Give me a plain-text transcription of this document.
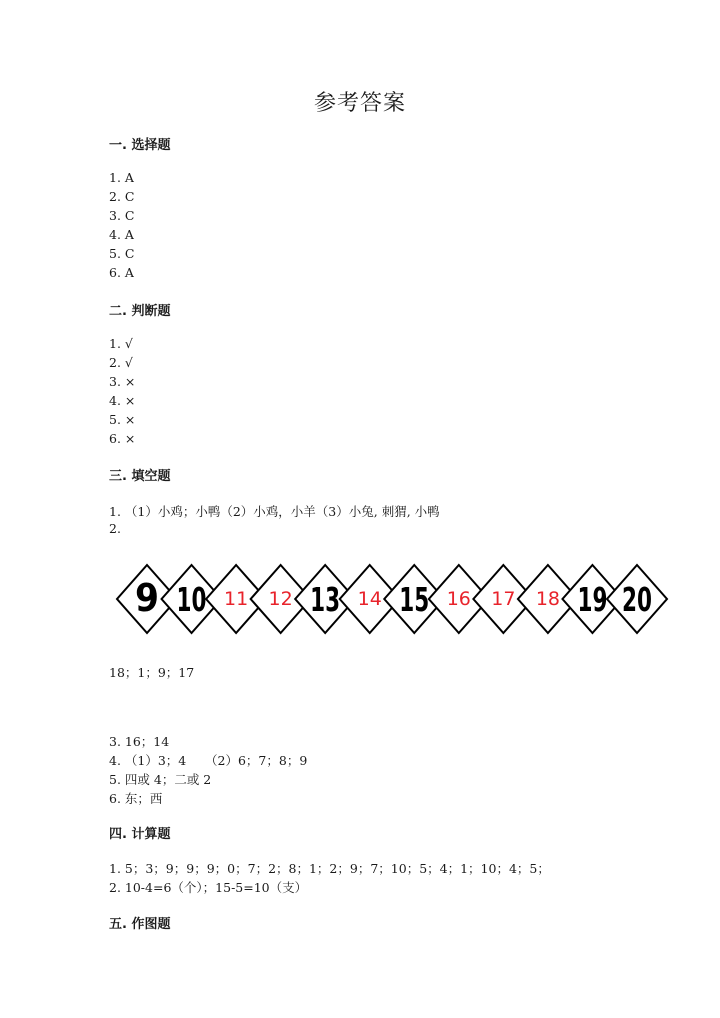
参考答案
一. 选择题
1. A
2. C
3. C
4. A
5. C
6. A
二. 判断题
1. √
2. √
3. ×
4. ×
5. ×
6. ×
三. 填空题
1. （1）小鸡；小鸭（2）小鸡，小羊（3）小兔, 刺猬, 小鸭
2.
9 10 11 12 13 14 15 16 17 18 19 20
18；1；9；17
3. 16；14
4. （1）3；4　　（2）6；7；8；9
5. 四或 4；二或 2
6. 东；西
四. 计算题
1. 5；3；9；9；9；0；7；2；8；1；2；9；7；10；5；4；1；10；4；5；
2. 10-4=6（个）；15-5=10（支）
五. 作图题
